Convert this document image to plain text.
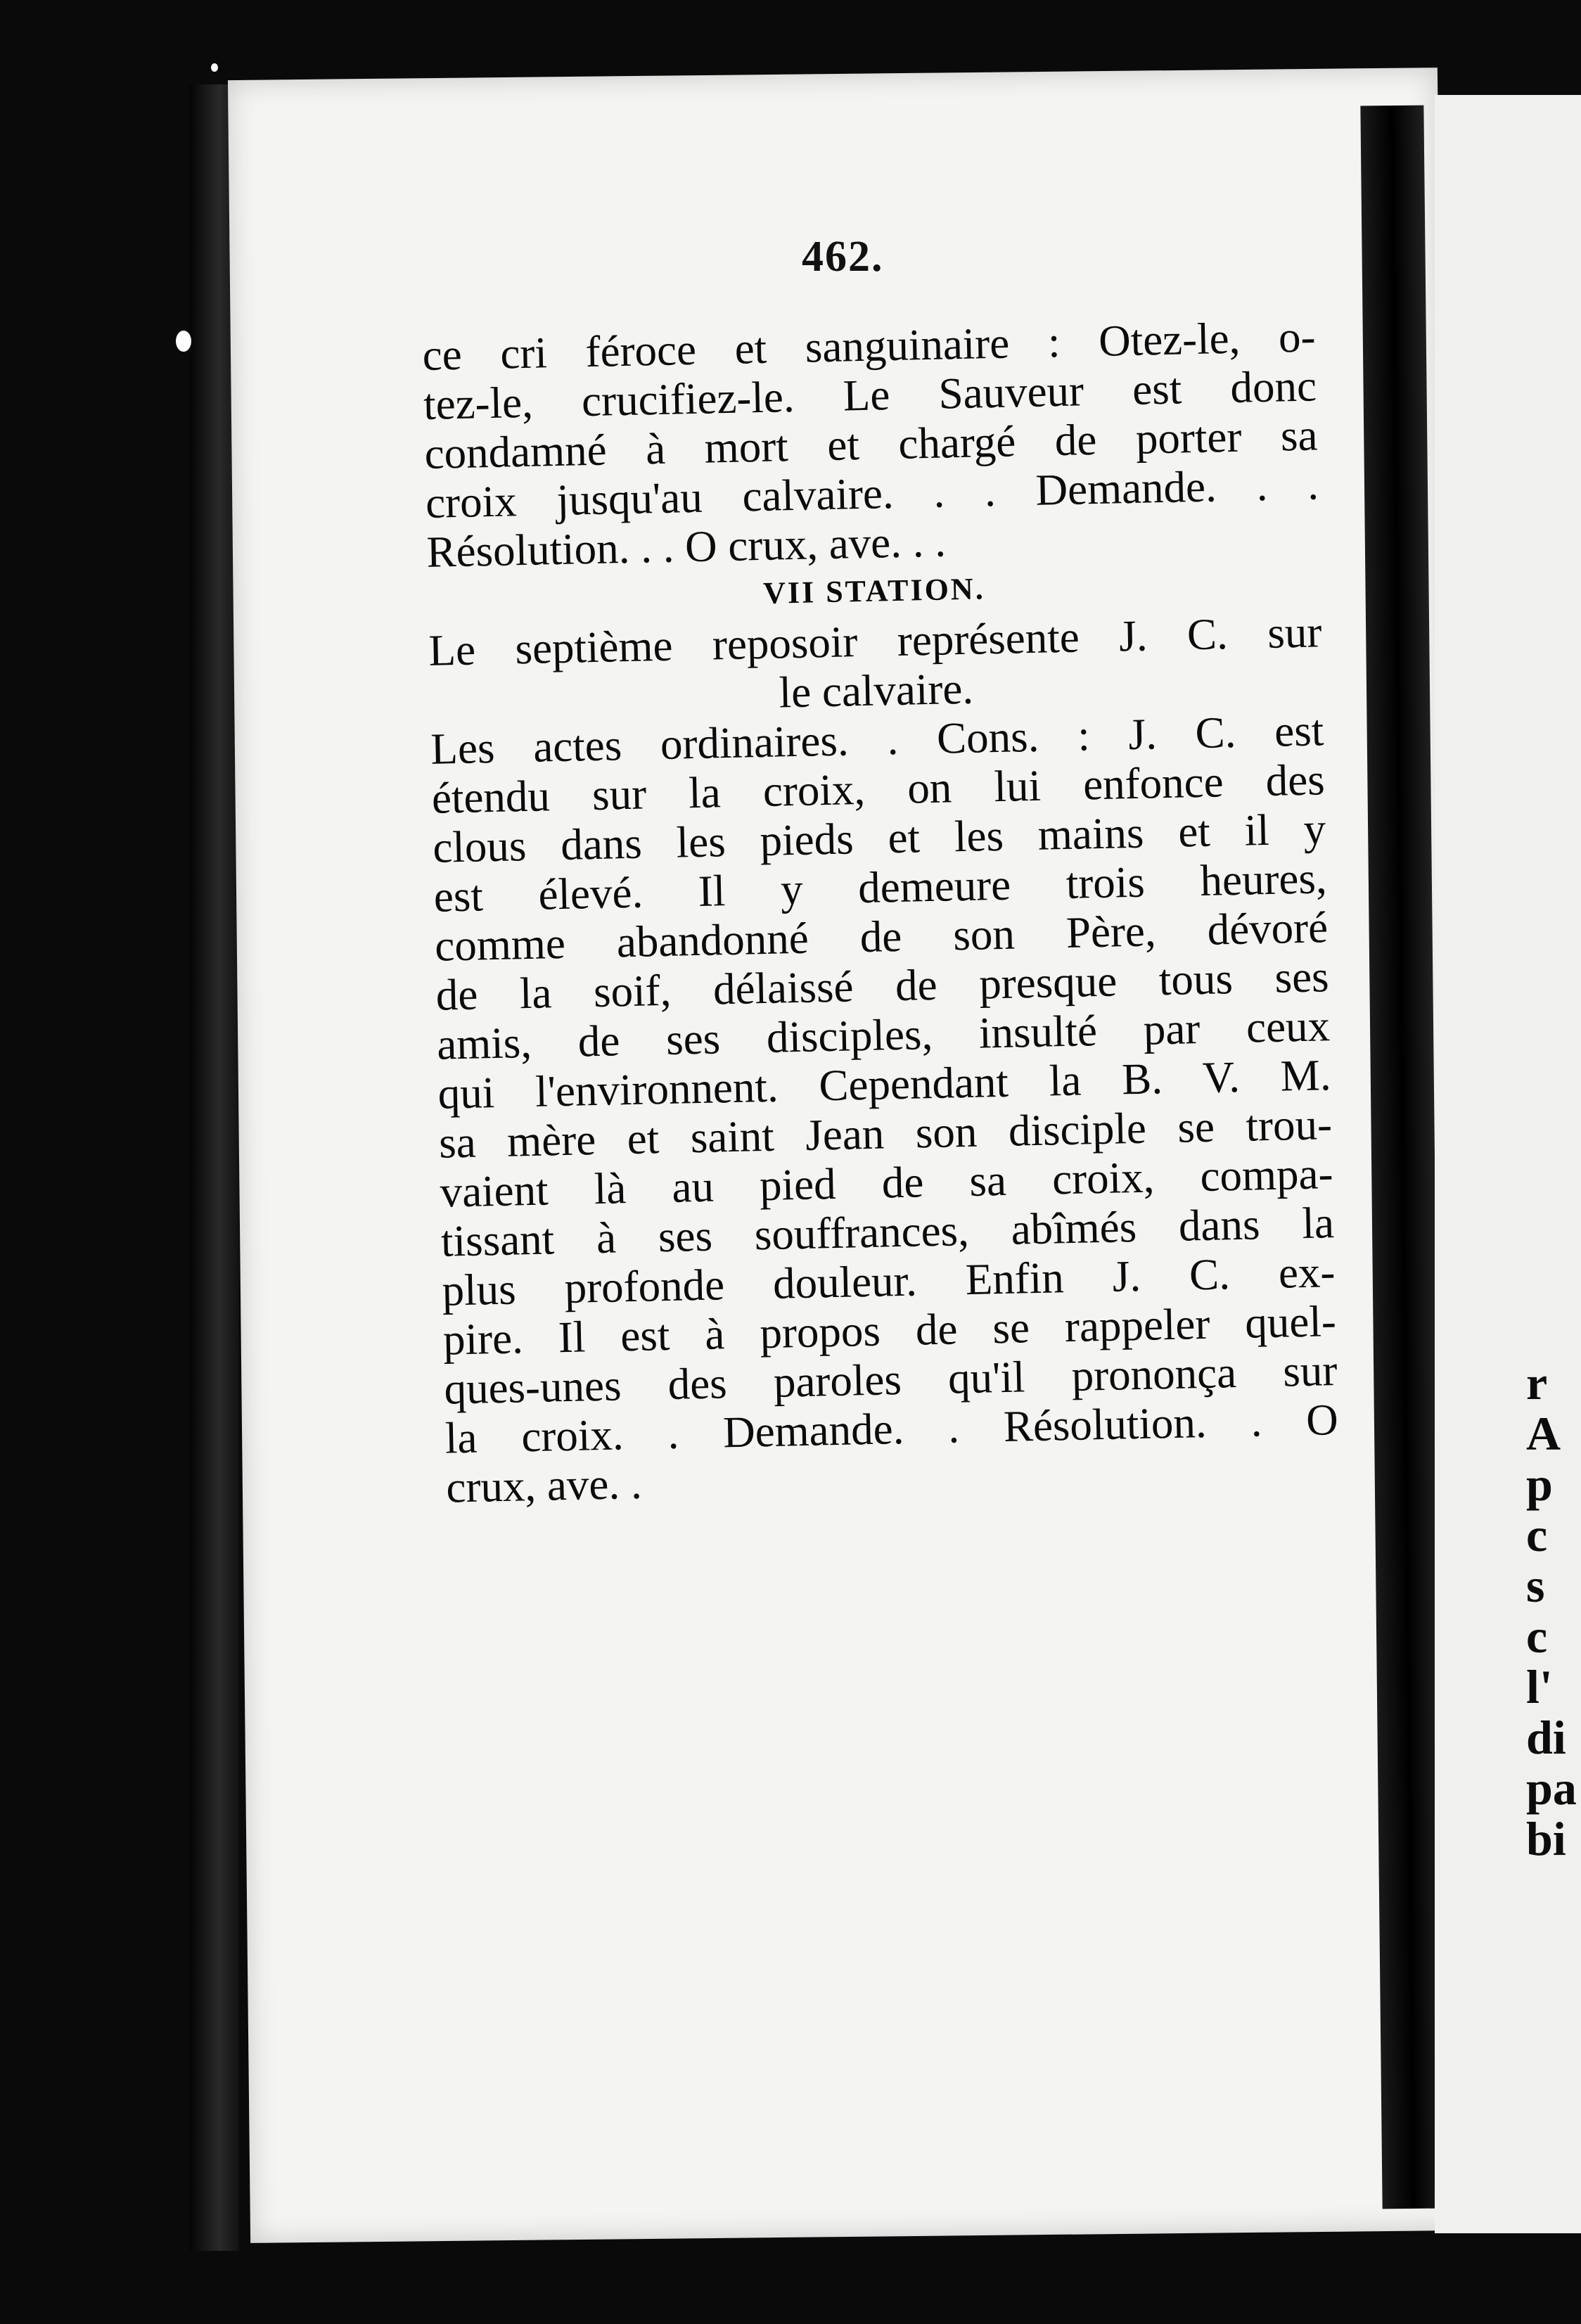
r
A
p
c
s
c
l'
di
pa
bi
462.
ce cri féroce et sanguinaire : Otez-le, o-
tez-le, crucifiez-le. Le Sauveur est donc
condamné à mort et chargé de porter sa
croix jusqu'au calvaire. . . Demande. . .
Résolution. . . O crux, ave. . .
VII STATION.
Le septième reposoir représente J. C. sur
le calvaire.
Les actes ordinaires. . Cons. : J. C. est
étendu sur la croix, on lui enfonce des
clous dans les pieds et les mains et il y
est élevé. Il y demeure trois heures,
comme abandonné de son Père, dévoré
de la soif, délaissé de presque tous ses
amis, de ses disciples, insulté par ceux
qui l'environnent. Cependant la B. V. M.
sa mère et saint Jean son disciple se trou-
vaient là au pied de sa croix, compa-
tissant à ses souffrances, abîmés dans la
plus profonde douleur. Enfin J. C. ex-
pire. Il est à propos de se rappeler quel-
ques-unes des paroles qu'il prononça sur
la croix. . Demande. . Résolution. . O
crux, ave. .
